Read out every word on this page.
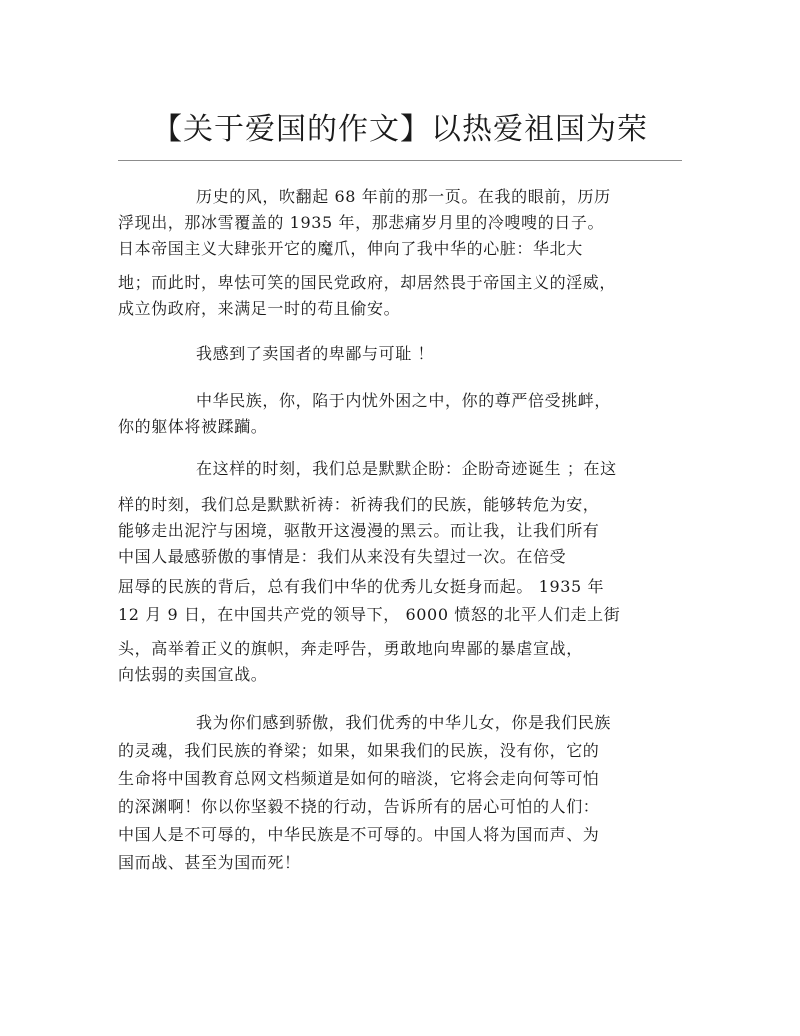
【关于爱国的作文】以热爱祖国为荣
历史的风，吹翻起 68 年前的那一页。在我的眼前，历历
浮现出，那冰雪覆盖的 1935 年，那悲痛岁月里的冷嗖嗖的日子。
日本帝国主义大肆张开它的魔爪，伸向了我中华的心脏：华北大
地；而此时，卑怯可笑的国民党政府，却居然畏于帝国主义的淫威，
成立伪政府，来满足一时的苟且偷安。
我感到了卖国者的卑鄙与可耻 ！
中华民族，你，陷于内忧外困之中，你的尊严倍受挑衅，
你的躯体将被蹂躏。
在这样的时刻，我们总是默默企盼：企盼奇迹诞生 ；在这
样的时刻，我们总是默默祈祷：祈祷我们的民族，能够转危为安，
能够走出泥泞与困境，驱散开这漫漫的黑云。而让我，让我们所有
中国人最感骄傲的事情是：我们从来没有失望过一次。在倍受
屈辱的民族的背后，总有我们中华的优秀儿女挺身而起。 1935 年
12 月 9 日，在中国共产党的领导下， 6000 愤怒的北平人们走上街
头，高举着正义的旗帜，奔走呼告，勇敢地向卑鄙的暴虐宣战，
向怯弱的卖国宣战。
我为你们感到骄傲，我们优秀的中华儿女，你是我们民族
的灵魂，我们民族的脊梁；如果，如果我们的民族，没有你，它的
生命将中国教育总网文档频道是如何的暗淡，它将会走向何等可怕
的深渊啊！你以你坚毅不挠的行动，告诉所有的居心可怕的人们：
中国人是不可辱的，中华民族是不可辱的。中国人将为国而声、为
国而战、甚至为国而死！
